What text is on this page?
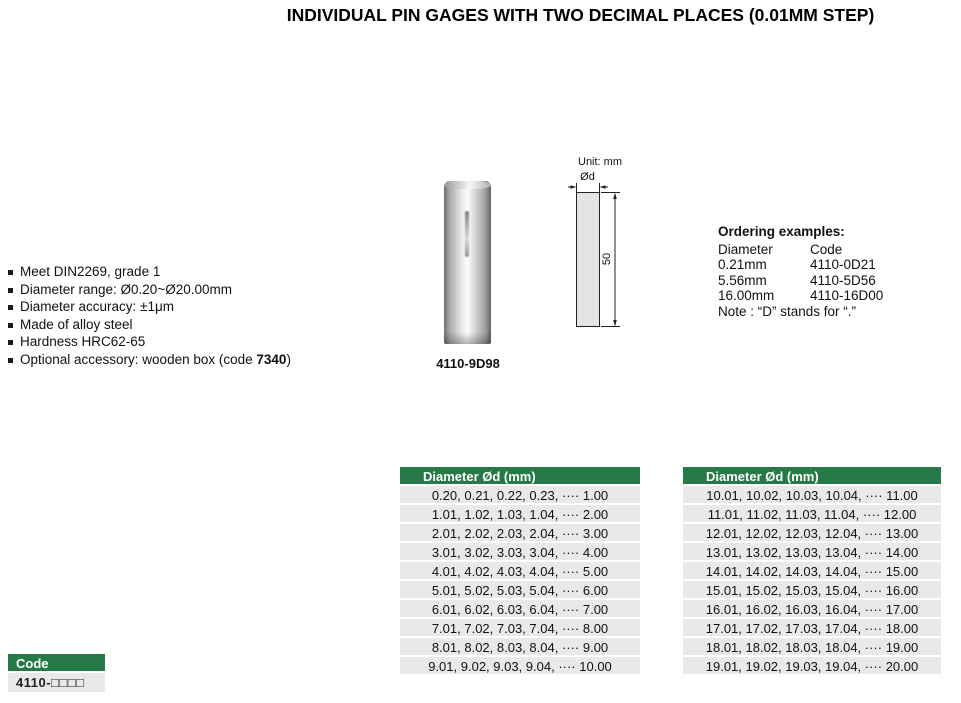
INDIVIDUAL PIN GAGES WITH TWO DECIMAL PLACES (0.01MM STEP)
Meet DIN2269, grade 1
Diameter range: Ø0.20~Ø20.00mm
Diameter accuracy: ±1μm
Made of alloy steel
Hardness HRC62-65
Optional accessory: wooden box (code 7340)	4110-9D98
Unit: mm
Ød
50
Ordering examples:
Diameter	Code
0.21mm	4110-0D21
5.56mm	4110-5D56
16.00mm	4110-16D00
Note : “D” stands for “.”
Diameter Ød (mm)
0.20, 0.21, 0.22, 0.23, ···· 1.00
1.01, 1.02, 1.03, 1.04, ···· 2.00
2.01, 2.02, 2.03, 2.04, ···· 3.00
3.01, 3.02, 3.03, 3.04, ···· 4.00
4.01, 4.02, 4.03, 4.04, ···· 5.00
5.01, 5.02, 5.03, 5.04, ···· 6.00
6.01, 6.02, 6.03, 6.04, ···· 7.00
7.01, 7.02, 7.03, 7.04, ···· 8.00
8.01, 8.02, 8.03, 8.04, ···· 9.00
9.01, 9.02, 9.03, 9.04, ···· 10.00
Diameter Ød (mm)
10.01, 10.02, 10.03, 10.04, ···· 11.00
11.01, 11.02, 11.03, 11.04, ···· 12.00
12.01, 12.02, 12.03, 12.04, ···· 13.00
13.01, 13.02, 13.03, 13.04, ···· 14.00
14.01, 14.02, 14.03, 14.04, ···· 15.00
15.01, 15.02, 15.03, 15.04, ···· 16.00
16.01, 16.02, 16.03, 16.04, ···· 17.00
17.01, 17.02, 17.03, 17.04, ···· 18.00
18.01, 18.02, 18.03, 18.04, ···· 19.00
19.01, 19.02, 19.03, 19.04, ···· 20.00
Code
4110-□□□□
